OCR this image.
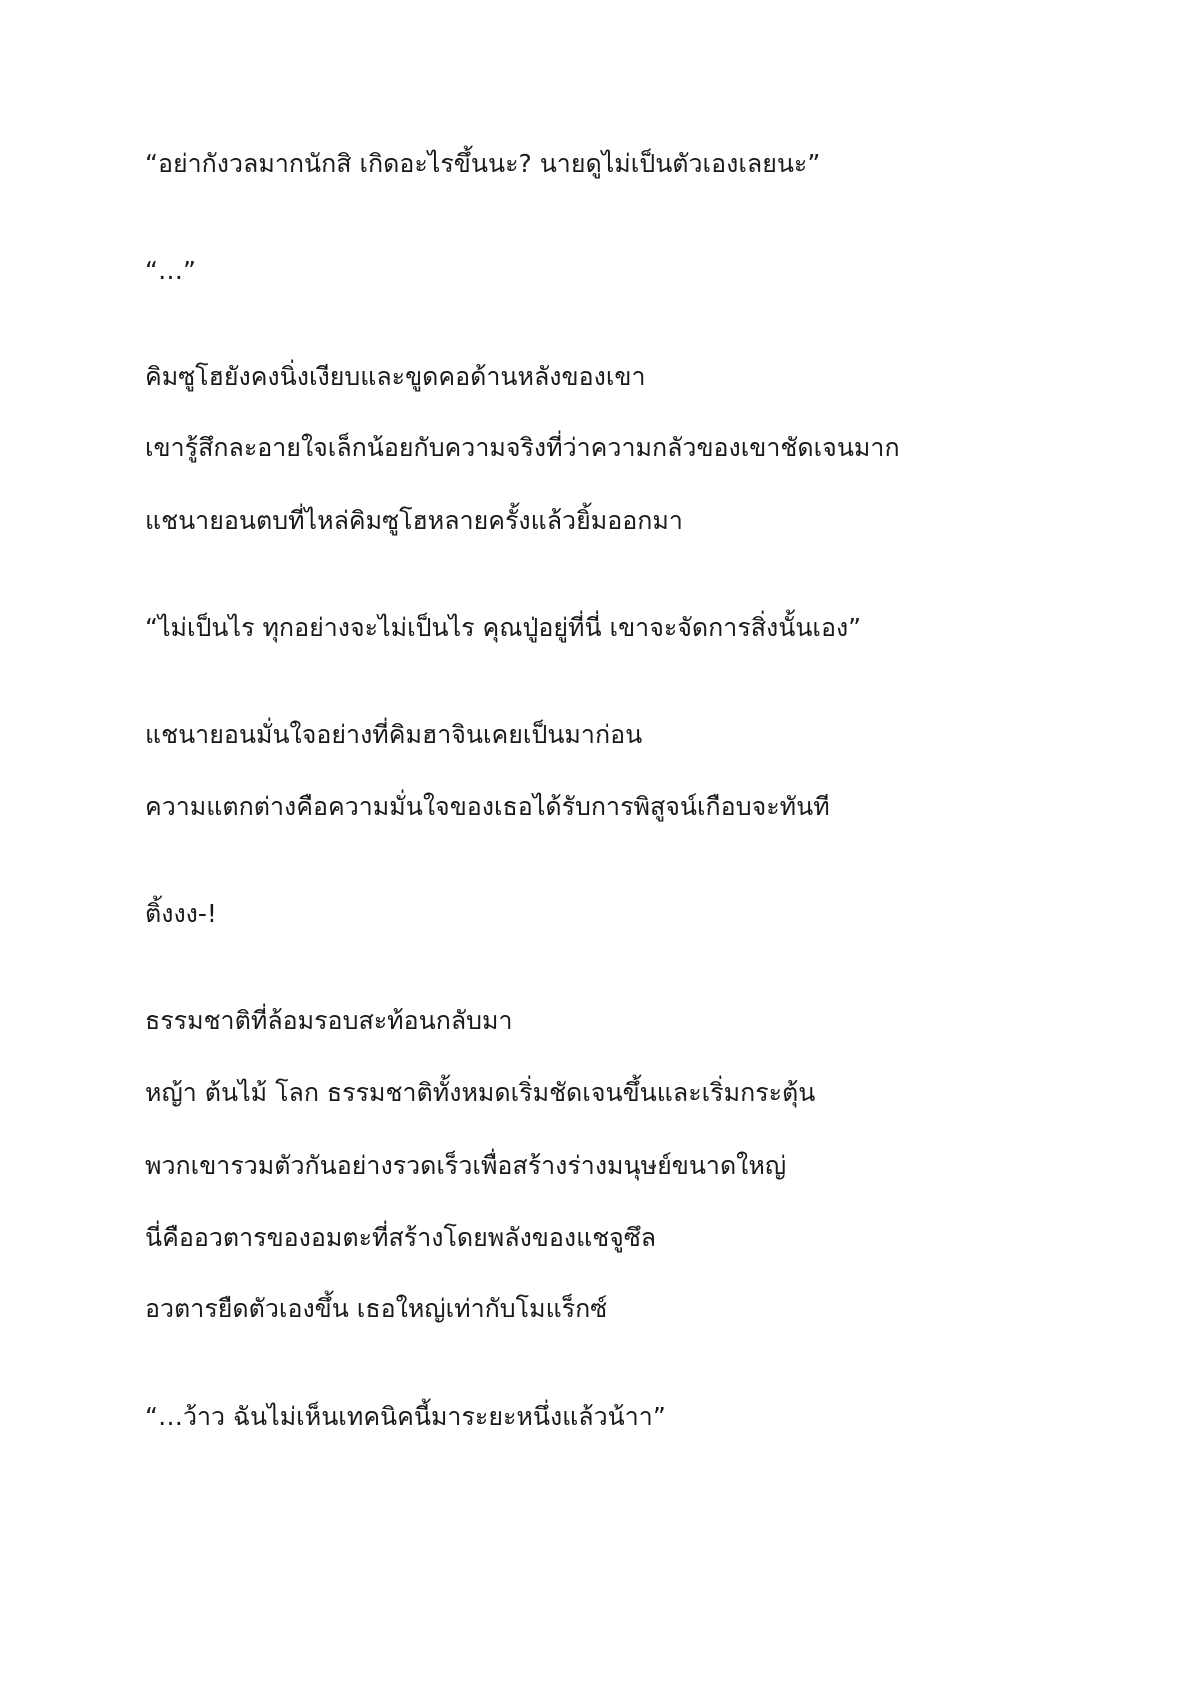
“อย่ากังวลมากนักสิ เกิดอะไรขึ้นนะ? นายดูไม่เป็นตัวเองเลยนะ”

“…”

คิมซูโฮยังคงนิ่งเงียบและขูดคอด้านหลังของเขา

เขารู้สึกละอายใจเล็กน้อยกับความจริงที่ว่าความกลัวของเขาชัดเจนมาก

แชนายอนตบที่ไหล่คิมซูโฮหลายครั้งแล้วยิ้มออกมา

“ไม่เป็นไร ทุกอย่างจะไม่เป็นไร คุณปู่อยู่ที่นี่ เขาจะจัดการสิ่งนั้นเอง”

แชนายอนมั่นใจอย่างที่คิมฮาจินเคยเป็นมาก่อน

ความแตกต่างคือความมั่นใจของเธอได้รับการพิสูจน์เกือบจะทันที

ติ้งงง-!

ธรรมชาติที่ล้อมรอบสะท้อนกลับมา

หญ้า ต้นไม้ โลก ธรรมชาติทั้งหมดเริ่มชัดเจนขึ้นและเริ่มกระตุ้น

พวกเขารวมตัวกันอย่างรวดเร็วเพื่อสร้างร่างมนุษย์ขนาดใหญ่

นี่คืออวตารของอมตะที่สร้างโดยพลังของแชจูซึล

อวตารยืดตัวเองขึ้น เธอใหญ่เท่ากับโมแร็กซ์

“…ว้าว ฉันไม่เห็นเทคนิคนี้มาระยะหนึ่งแล้วน้าา”
